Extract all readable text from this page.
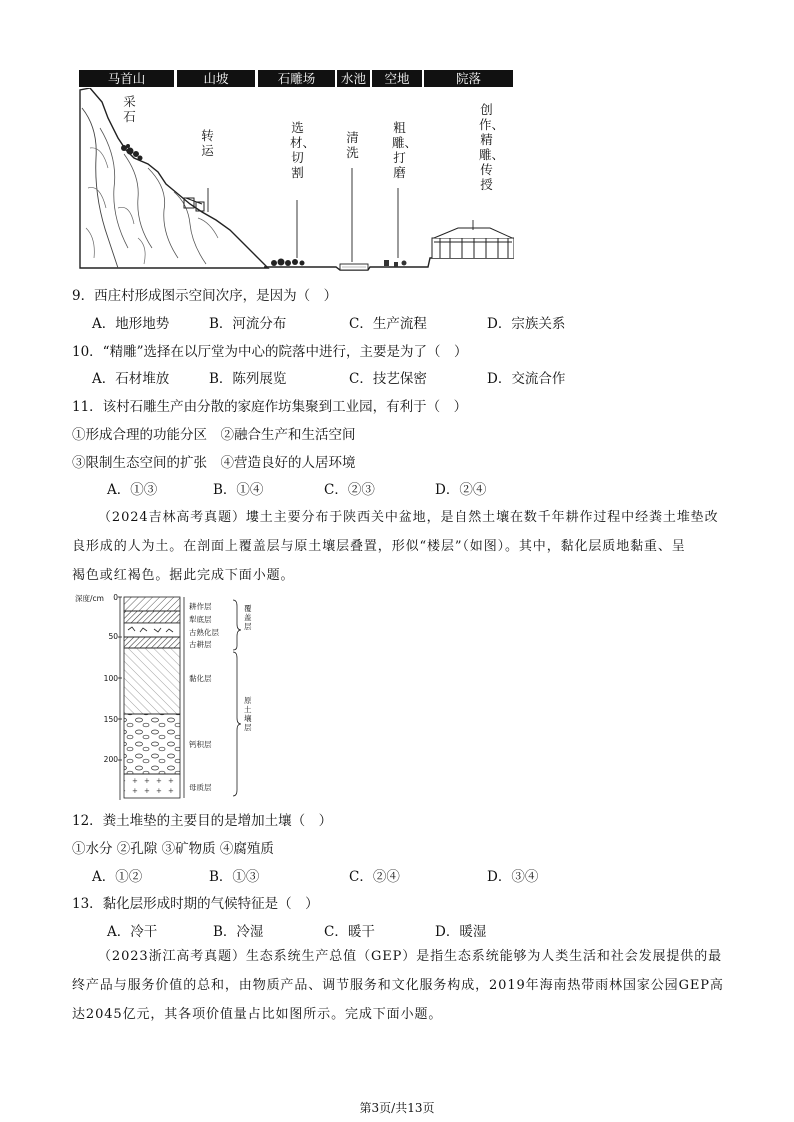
马首山	山坡	石雕场	水池	空地	院落
采石
转运
选材、切割
清洗
粗雕、打磨
创作、精雕、传授
9．西庄村形成图示空间次序，是因为（　）
A．地形地势	B．河流分布	C．生产流程	D．宗族关系
10．“精雕”选择在以厅堂为中心的院落中进行，主要是为了（　）
A．石材堆放	B．陈列展览	C．技艺保密	D．交流合作
11．该村石雕生产由分散的家庭作坊集聚到工业园，有利于（　）
①形成合理的功能分区　②融合生产和生活空间
③限制生态空间的扩张　④营造良好的人居环境
A．①③	B．①④	C．②③	D．②④
（2024吉林高考真题）塿土主要分布于陕西关中盆地，是自然土壤在数千年耕作过程中经粪土堆垫改
良形成的人为土。在剖面上覆盖层与原土壤层叠置，形似“楼层”（如图）。其中，黏化层质地黏重、呈
褐色或红褐色。据此完成下面小题。
深度/cm	0
50
100
150
200
耕作层
犁底层
古熟化层
古耕层
黏化层
钙积层
母质层
覆盖层
原土壤层
12．粪土堆垫的主要目的是增加土壤（　）
①水分 ②孔隙 ③矿物质 ④腐殖质
A．①②	B．①③	C．②④	D．③④
13．黏化层形成时期的气候特征是（　）
A．冷干	B．冷湿	C．暖干	D．暖湿
（2023浙江高考真题）生态系统生产总值（GEP）是指生态系统能够为人类生活和社会发展提供的最
终产品与服务价值的总和，由物质产品、调节服务和文化服务构成，2019年海南热带雨林国家公园GEP高
达2045亿元，其各项价值量占比如图所示。完成下面小题。
第3页/共13页
